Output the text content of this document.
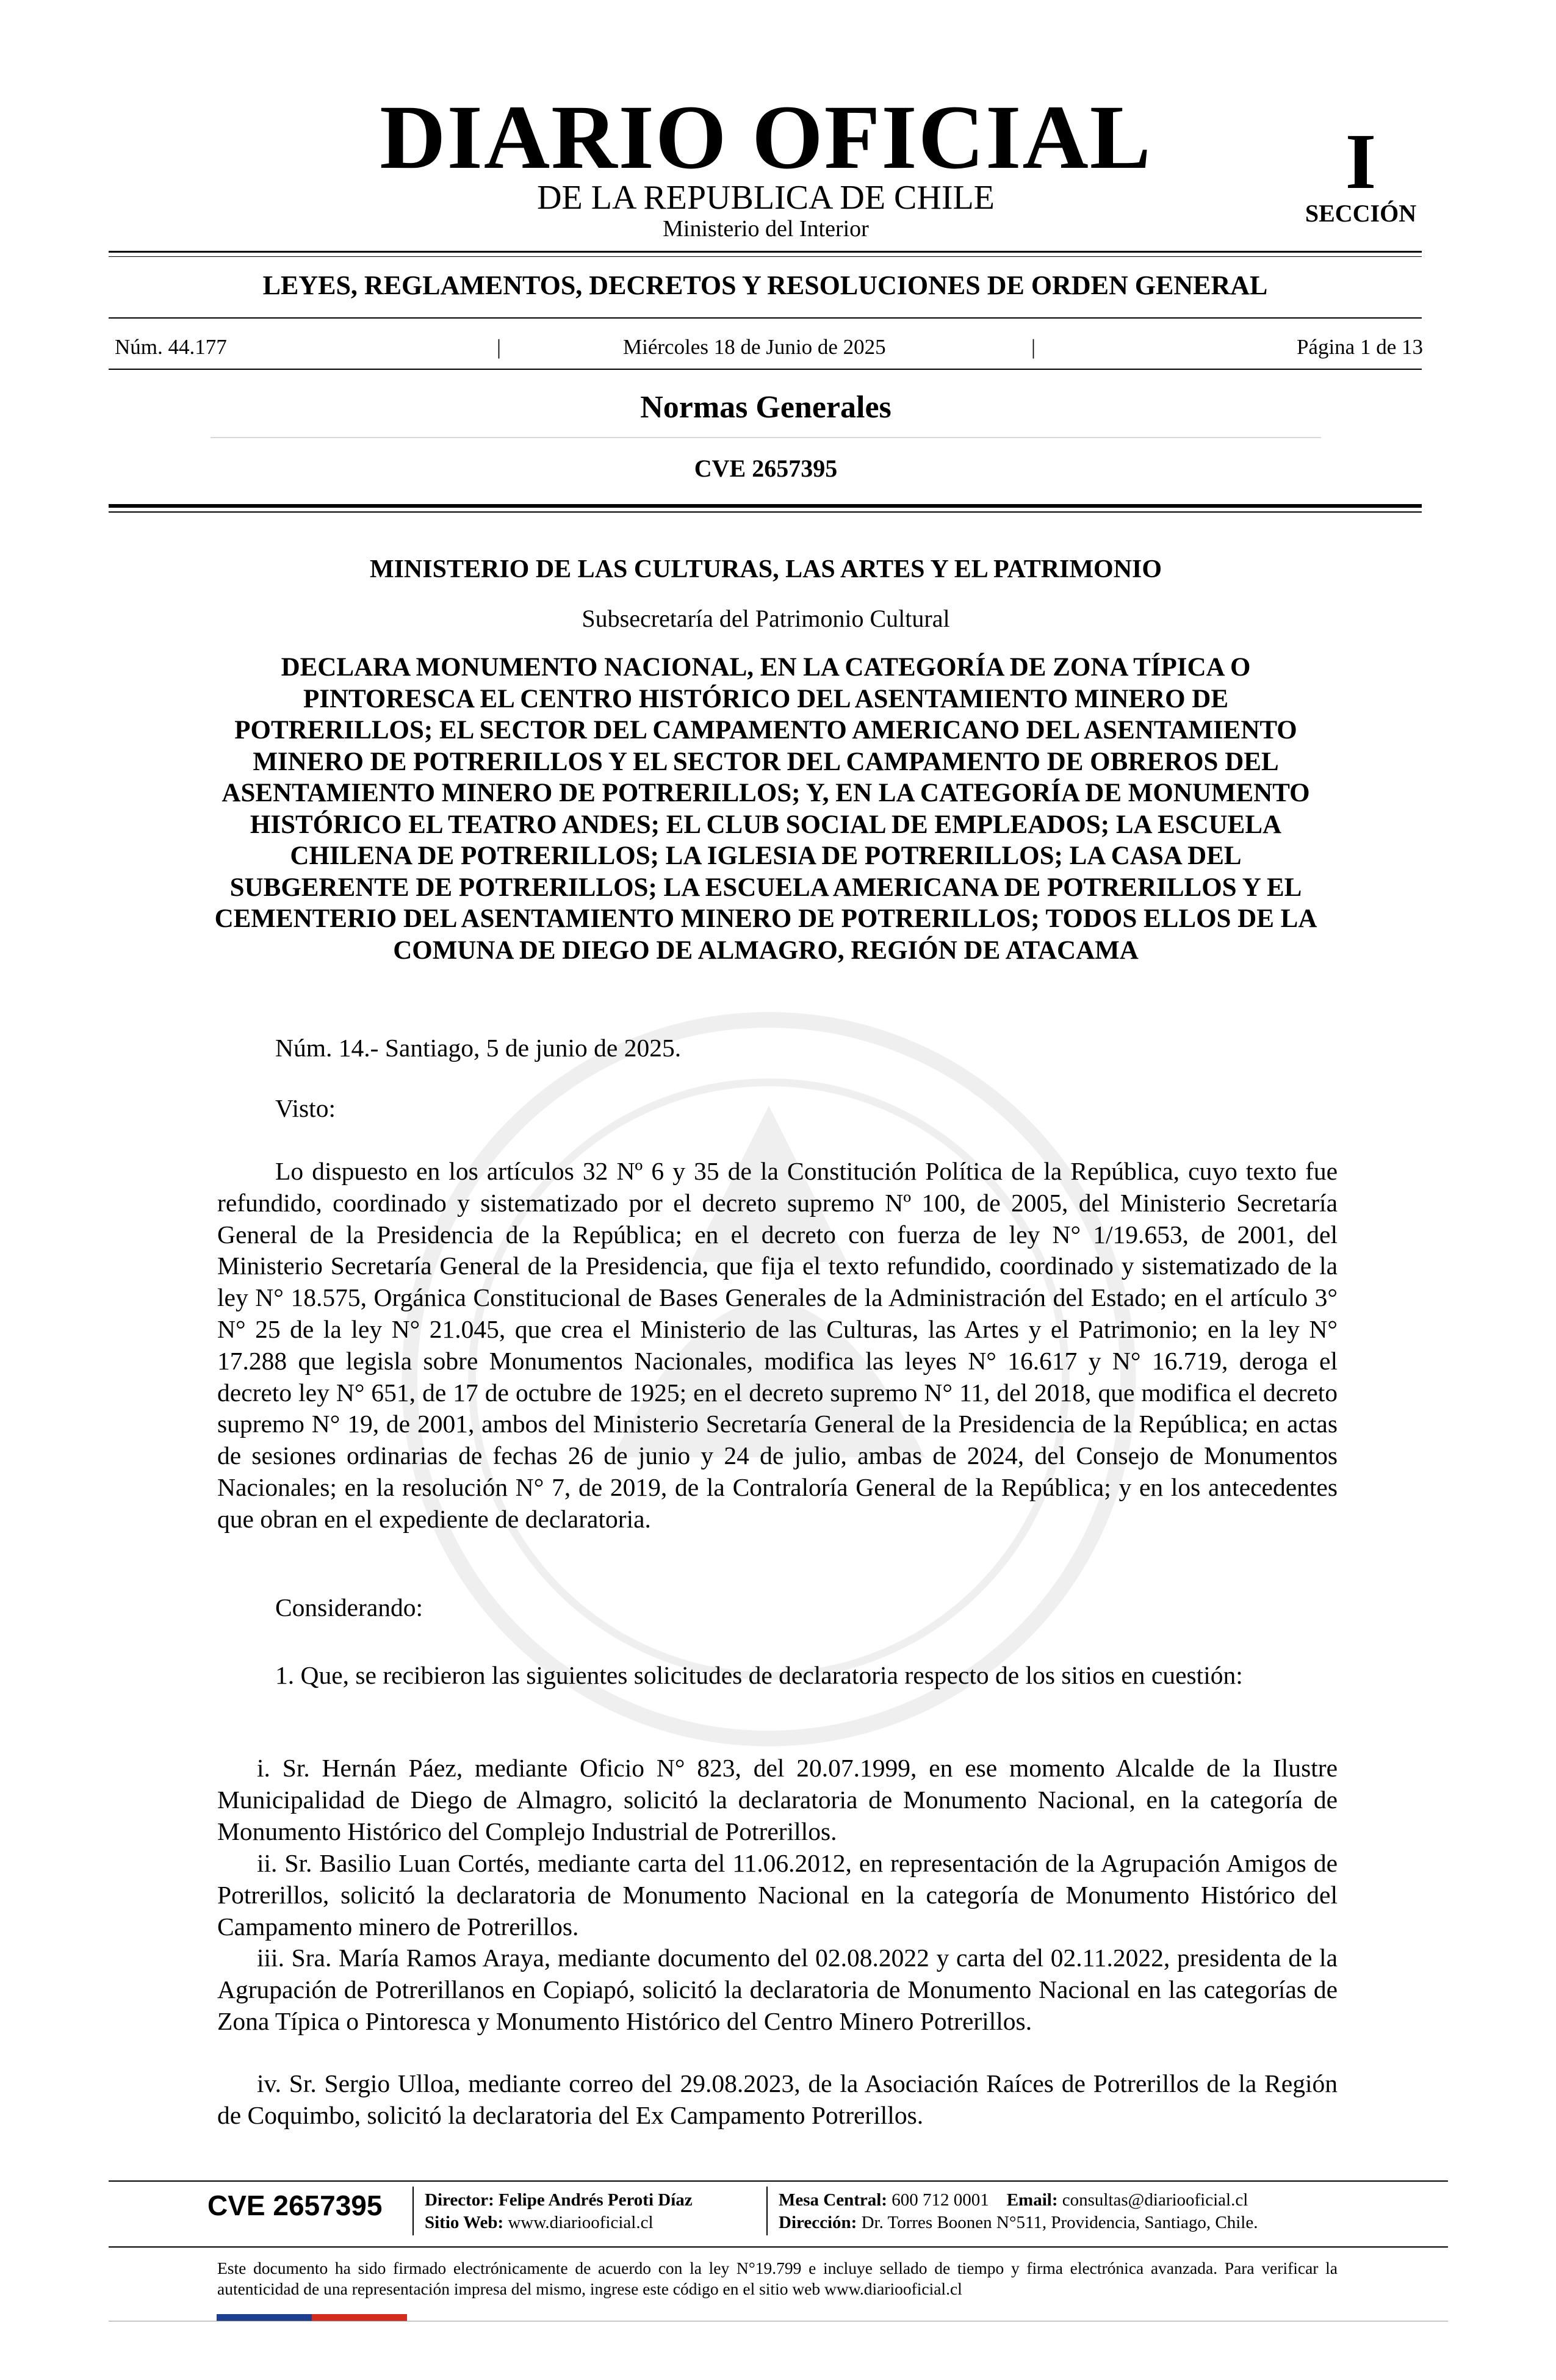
DIARIO OFICIAL
DE LA REPUBLICA DE CHILE
Ministerio del Interior
I
SECCIÓN
LEYES, REGLAMENTOS, DECRETOS Y RESOLUCIONES DE ORDEN GENERAL
Núm. 44.177	|	Miércoles 18 de Junio de 2025	|	Página 1 de 13
Normas Generales
CVE 2657395
MINISTERIO DE LAS CULTURAS, LAS ARTES Y EL PATRIMONIO
Subsecretaría del Patrimonio Cultural
DECLARA MONUMENTO NACIONAL, EN LA CATEGORÍA DE ZONA TÍPICA O PINTORESCA EL CENTRO HISTÓRICO DEL ASENTAMIENTO MINERO DE POTRERILLOS; EL SECTOR DEL CAMPAMENTO AMERICANO DEL ASENTAMIENTO MINERO DE POTRERILLOS Y EL SECTOR DEL CAMPAMENTO DE OBREROS DEL ASENTAMIENTO MINERO DE POTRERILLOS; Y, EN LA CATEGORÍA DE MONUMENTO HISTÓRICO EL TEATRO ANDES; EL CLUB SOCIAL DE EMPLEADOS; LA ESCUELA CHILENA DE POTRERILLOS; LA IGLESIA DE POTRERILLOS; LA CASA DEL SUBGERENTE DE POTRERILLOS; LA ESCUELA AMERICANA DE POTRERILLOS Y EL CEMENTERIO DEL ASENTAMIENTO MINERO DE POTRERILLOS; TODOS ELLOS DE LA COMUNA DE DIEGO DE ALMAGRO, REGIÓN DE ATACAMA
Núm. 14.- Santiago, 5 de junio de 2025.
Visto:
Lo dispuesto en los artículos 32 Nº 6 y 35 de la Constitución Política de la República, cuyo texto fue refundido, coordinado y sistematizado por el decreto supremo Nº 100, de 2005, del Ministerio Secretaría General de la Presidencia de la República; en el decreto con fuerza de ley N° 1/19.653, de 2001, del Ministerio Secretaría General de la Presidencia, que fija el texto refundido, coordinado y sistematizado de la ley N° 18.575, Orgánica Constitucional de Bases Generales de la Administración del Estado; en el artículo 3° N° 25 de la ley N° 21.045, que crea el Ministerio de las Culturas, las Artes y el Patrimonio; en la ley N° 17.288 que legisla sobre Monumentos Nacionales, modifica las leyes N° 16.617 y N° 16.719, deroga el decreto ley N° 651, de 17 de octubre de 1925; en el decreto supremo N° 11, del 2018, que modifica el decreto supremo N° 19, de 2001, ambos del Ministerio Secretaría General de la Presidencia de la República; en actas de sesiones ordinarias de fechas 26 de junio y 24 de julio, ambas de 2024, del Consejo de Monumentos Nacionales; en la resolución N° 7, de 2019, de la Contraloría General de la República; y en los antecedentes que obran en el expediente de declaratoria.
Considerando:
1. Que, se recibieron las siguientes solicitudes de declaratoria respecto de los sitios en cuestión:
i. Sr. Hernán Páez, mediante Oficio N° 823, del 20.07.1999, en ese momento Alcalde de la Ilustre Municipalidad de Diego de Almagro, solicitó la declaratoria de Monumento Nacional, en la categoría de Monumento Histórico del Complejo Industrial de Potrerillos.
ii. Sr. Basilio Luan Cortés, mediante carta del 11.06.2012, en representación de la Agrupación Amigos de Potrerillos, solicitó la declaratoria de Monumento Nacional en la categoría de Monumento Histórico del Campamento minero de Potrerillos.
iii. Sra. María Ramos Araya, mediante documento del 02.08.2022 y carta del 02.11.2022, presidenta de la Agrupación de Potrerillanos en Copiapó, solicitó la declaratoria de Monumento Nacional en las categorías de Zona Típica o Pintoresca y Monumento Histórico del Centro Minero Potrerillos.
iv. Sr. Sergio Ulloa, mediante correo del 29.08.2023, de la Asociación Raíces de Potrerillos de la Región de Coquimbo, solicitó la declaratoria del Ex Campamento Potrerillos.
CVE 2657395 Director: Felipe Andrés Peroti Díaz
Sitio Web: www.diariooficial.cl
Mesa Central: 600 712 0001 Email: consultas@diariooficial.cl
Dirección: Dr. Torres Boonen N°511, Providencia, Santiago, Chile.
Este documento ha sido firmado electrónicamente de acuerdo con la ley N°19.799 e incluye sellado de tiempo y firma electrónica avanzada. Para verificar la autenticidad de una representación impresa del mismo, ingrese este código en el sitio web www.diariooficial.cl
